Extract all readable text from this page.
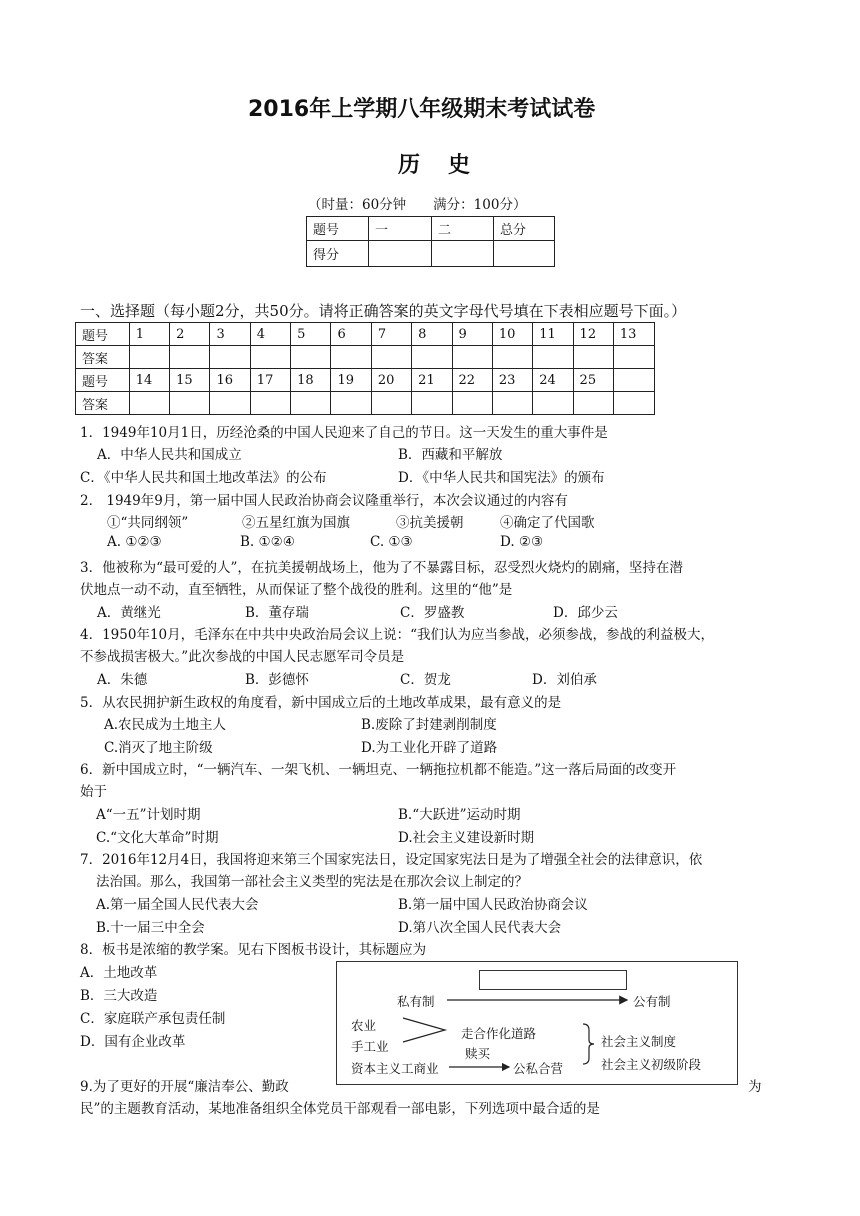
2016年上学期八年级期末考试试卷
历史
（时量：60分钟　　满分：100分）
题号	一	二	总分
得分			
一、选择题（每小题2分，共50分。请将正确答案的英文字母代号填在下表相应题号下面。）
题号	1	2	3	4	5	6	7	8	9	10	11	12	13
答案													
题号	14	15	16	17	18	19	20	21	22	23	24	25	
答案													
1．1949年10月1日，历经沧桑的中国人民迎来了自己的节日。这一天发生的重大事件是
A．中华人民共和国成立	B．西藏和平解放
C．《中华人民共和国土地改革法》的公布	D．《中华人民共和国宪法》的颁布
2． 1949年9月，第一届中国人民政治协商会议隆重举行，本次会议通过的内容有
①“共同纲领”	②五星红旗为国旗	③抗美援朝	④确定了代国歌
A. ①②③	B. ①②④	C. ①③	D. ②③
3．他被称为“最可爱的人”，在抗美援朝战场上，他为了不暴露目标，忍受烈火烧灼的剧痛，坚持在潜
伏地点一动不动，直至牺牲，从而保证了整个战役的胜利。这里的“他”是
A．黄继光	B．董存瑞	C．罗盛教	D．邱少云
4．1950年10月，毛泽东在中共中央政治局会议上说：“我们认为应当参战，必须参战，参战的利益极大，
不参战损害极大。”此次参战的中国人民志愿军司令员是
A．朱德	B．彭德怀	C．贺龙	D．刘伯承
5．从农民拥护新生政权的角度看，新中国成立后的土地改革成果，最有意义的是
A.农民成为土地主人	B.废除了封建剥削制度
C.消灭了地主阶级	D.为工业化开辟了道路
6．新中国成立时，“一辆汽车、一架飞机、一辆坦克、一辆拖拉机都不能造。”这一落后局面的改变开
始于
A“一五”计划时期	B.“大跃进”运动时期
C.“文化大革命”时期	D.社会主义建设新时期
7．2016年12月4日，我国将迎来第三个国家宪法日，设定国家宪法日是为了增强全社会的法律意识，依
法治国。那么，我国第一部社会主义类型的宪法是在那次会议上制定的？
A.第一届全国人民代表大会	B.第一届中国人民政治协商会议
B.十一届三中全会	D.第八次全国人民代表大会
8．板书是浓缩的教学案。见右下图板书设计，其标题应为
A．土地改革
B．三大改造
C．家庭联产承包责任制
D．国有企业改革
私有制	公有制
农业
手工业
资本主义工商业
走合作化道路
赎买
公私合营
社会主义制度
社会主义初级阶段
9.为了更好的开展“廉洁奉公、勤政	为
民”的主题教育活动，某地准备组织全体党员干部观看一部电影，下列选项中最合适的是
